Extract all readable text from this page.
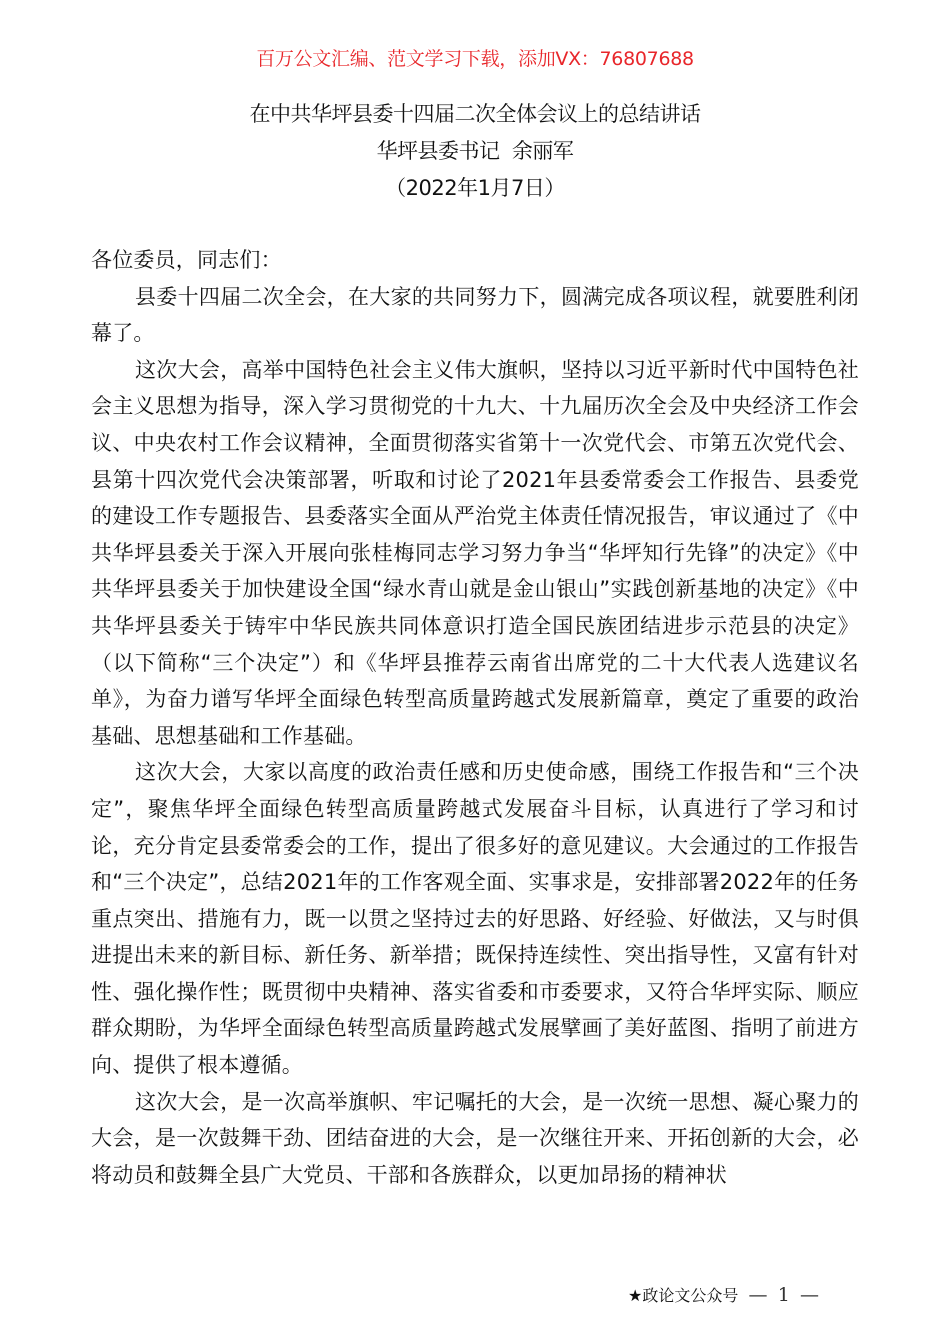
百万公文汇编、范文学习下载，添加VX：76807688
在中共华坪县委十四届二次全体会议上的总结讲话
华坪县委书记  余丽军
（2022年1月7日）

各位委员，同志们：

县委十四届二次全会，在大家的共同努力下，圆满完成各项议程，就要胜利闭幕了。

这次大会，高举中国特色社会主义伟大旗帜，坚持以习近平新时代中国特色社会主义思想为指导，深入学习贯彻党的十九大、十九届历次全会及中央经济工作会议、中央农村工作会议精神，全面贯彻落实省第十一次党代会、市第五次党代会、县第十四次党代会决策部署，听取和讨论了2021年县委常委会工作报告、县委党的建设工作专题报告、县委落实全面从严治党主体责任情况报告，审议通过了《中共华坪县委关于深入开展向张桂梅同志学习努力争当“华坪知行先锋”的决定》《中共华坪县委关于加快建设全国“绿水青山就是金山银山”实践创新基地的决定》《中共华坪县委关于铸牢中华民族共同体意识打造全国民族团结进步示范县的决定》（以下简称“三个决定”）和《华坪县推荐云南省出席党的二十大代表人选建议名单》，为奋力谱写华坪全面绿色转型高质量跨越式发展新篇章，奠定了重要的政治基础、思想基础和工作基础。

这次大会，大家以高度的政治责任感和历史使命感，围绕工作报告和“三个决定”，聚焦华坪全面绿色转型高质量跨越式发展奋斗目标，认真进行了学习和讨论，充分肯定县委常委会的工作，提出了很多好的意见建议。大会通过的工作报告和“三个决定”，总结2021年的工作客观全面、实事求是，安排部署2022年的任务重点突出、措施有力，既一以贯之坚持过去的好思路、好经验、好做法，又与时俱进提出未来的新目标、新任务、新举措；既保持连续性、突出指导性，又富有针对性、强化操作性；既贯彻中央精神、落实省委和市委要求，又符合华坪实际、顺应群众期盼，为华坪全面绿色转型高质量跨越式发展擘画了美好蓝图、指明了前进方向、提供了根本遵循。

这次大会，是一次高举旗帜、牢记嘱托的大会，是一次统一思想、凝心聚力的大会，是一次鼓舞干劲、团结奋进的大会，是一次继往开来、开拓创新的大会，必将动员和鼓舞全县广大党员、干部和各族群众，以更加昂扬的精神状

★政论文公众号 — 1 —
